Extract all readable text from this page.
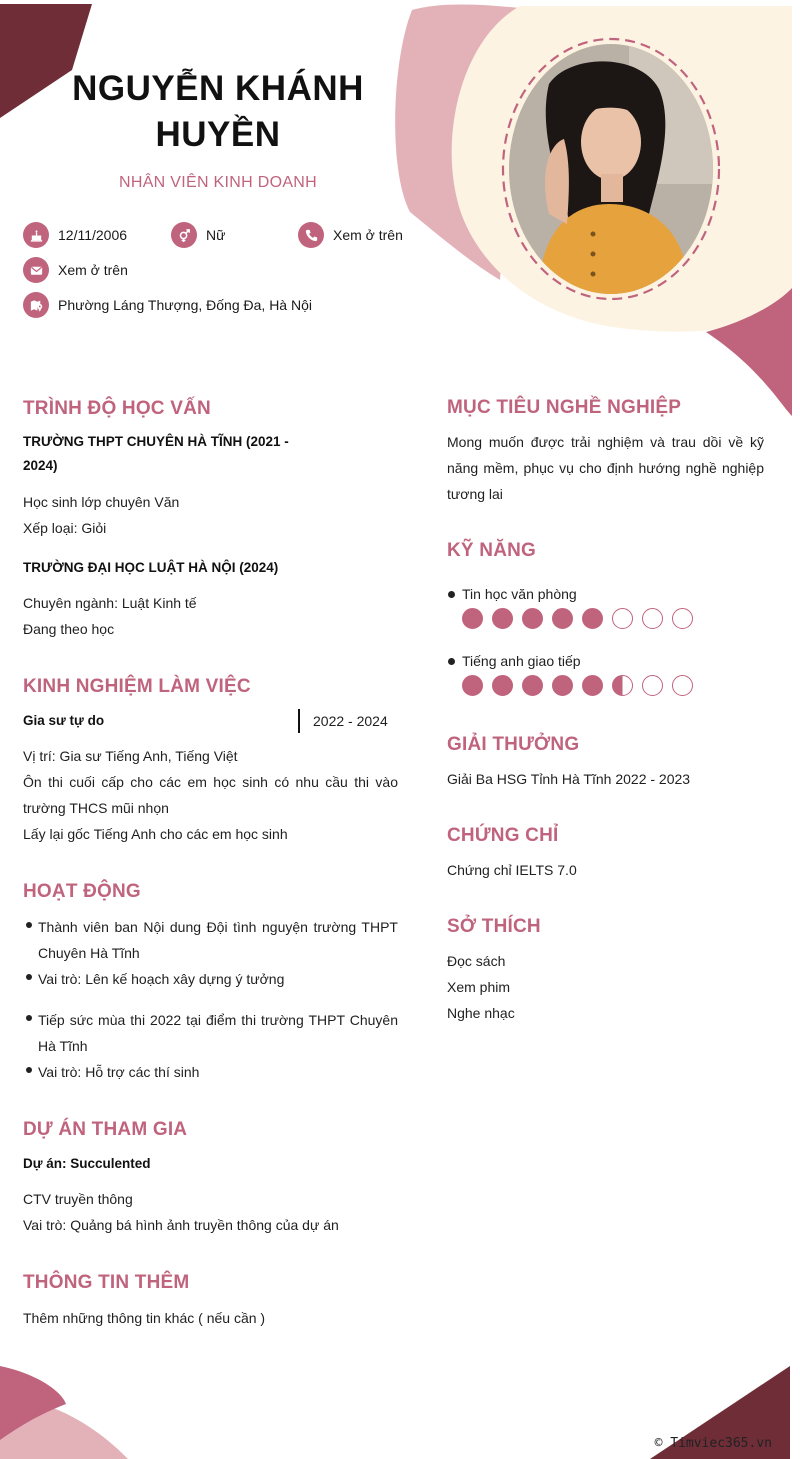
NGUYỄN KHÁNH HUYỀN
NHÂN VIÊN KINH DOANH
12/11/2006	Nữ	Xem ở trên
Xem ở trên
Phường Láng Thượng, Đống Đa, Hà Nội
TRÌNH ĐỘ HỌC VẤN
TRƯỜNG THPT CHUYÊN HÀ TĨNH (2021 - 2024)
Học sinh lớp chuyên Văn
Xếp loại: Giỏi
TRƯỜNG ĐẠI HỌC LUẬT HÀ NỘI (2024)
Chuyên ngành: Luật Kinh tế
Đang theo học
KINH NGHIỆM LÀM VIỆC
Gia sư tự do	2022 - 2024
Vị trí: Gia sư Tiếng Anh, Tiếng Việt
Ôn thi cuối cấp cho các em học sinh có nhu cầu thi vào trường THCS mũi nhọn
Lấy lại gốc Tiếng Anh cho các em học sinh
HOẠT ĐỘNG
Thành viên ban Nội dung Đội tình nguyện trường THPT Chuyên Hà Tĩnh
Vai trò: Lên kế hoạch xây dựng ý tưởng
Tiếp sức mùa thi 2022 tại điểm thi trường THPT Chuyên Hà Tĩnh
Vai trò: Hỗ trợ các thí sinh
DỰ ÁN THAM GIA
Dự án: Succulented
CTV truyền thông
Vai trò: Quảng bá hình ảnh truyền thông của dự án
THÔNG TIN THÊM
Thêm những thông tin khác ( nếu cần )
MỤC TIÊU NGHỀ NGHIỆP
Mong muốn được trải nghiệm và trau dồi về kỹ năng mềm, phục vụ cho định hướng nghề nghiệp tương lai
KỸ NĂNG
Tin học văn phòng
Tiếng anh giao tiếp
GIẢI THƯỞNG
Giải Ba HSG Tỉnh Hà Tĩnh 2022 - 2023
CHỨNG CHỈ
Chứng chỉ IELTS 7.0
SỞ THÍCH
Đọc sách
Xem phim
Nghe nhạc
© Timviec365.vn
